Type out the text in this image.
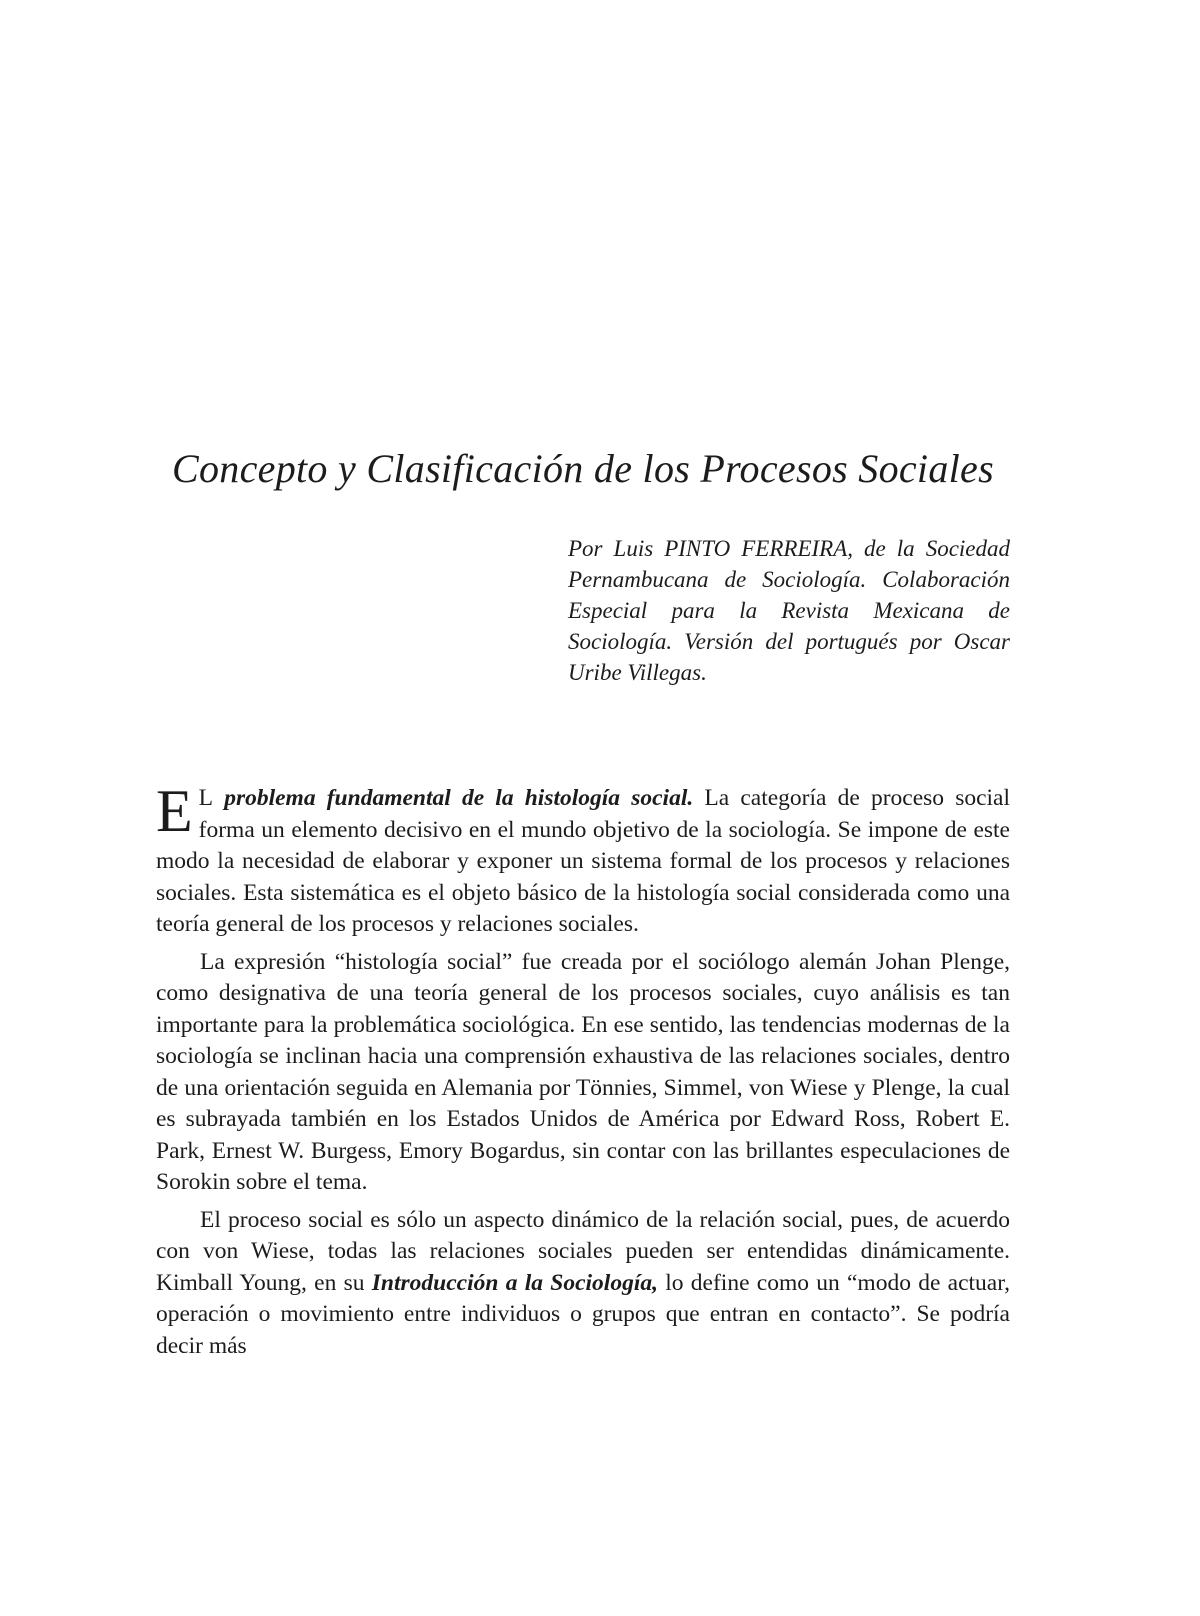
Concepto y Clasificación de los Procesos Sociales

Por Luis PINTO FERREIRA, de la Sociedad Pernambucana de Sociología. Colaboración Especial para la Revista Mexicana de Sociología. Versión del portugués por Oscar Uribe Villegas.

E L problema fundamental de la histología social. La categoría de proceso social forma un elemento decisivo en el mundo objetivo de la sociología. Se impone de este modo la necesidad de elaborar y exponer un sistema formal de los procesos y relaciones sociales. Esta sistemática es el objeto básico de la histología social considerada como una teoría general de los procesos y relaciones sociales.

La expresión “histología social” fue creada por el sociólogo alemán Johan Plenge, como designativa de una teoría general de los procesos sociales, cuyo análisis es tan importante para la problemática sociológica. En ese sentido, las tendencias modernas de la sociología se inclinan hacia una comprensión exhaustiva de las relaciones sociales, dentro de una orientación seguida en Alemania por Tönnies, Simmel, von Wiese y Plenge, la cual es subrayada también en los Estados Unidos de América por Edward Ross, Robert E. Park, Ernest W. Burgess, Emory Bogardus, sin contar con las brillantes especulaciones de Sorokin sobre el tema.

El proceso social es sólo un aspecto dinámico de la relación social, pues, de acuerdo con von Wiese, todas las relaciones sociales pueden ser entendidas dinámicamente. Kimball Young, en su Introducción a la Sociología, lo define como un “modo de actuar, operación o movimiento entre individuos o grupos que entran en contacto”. Se podría decir más
